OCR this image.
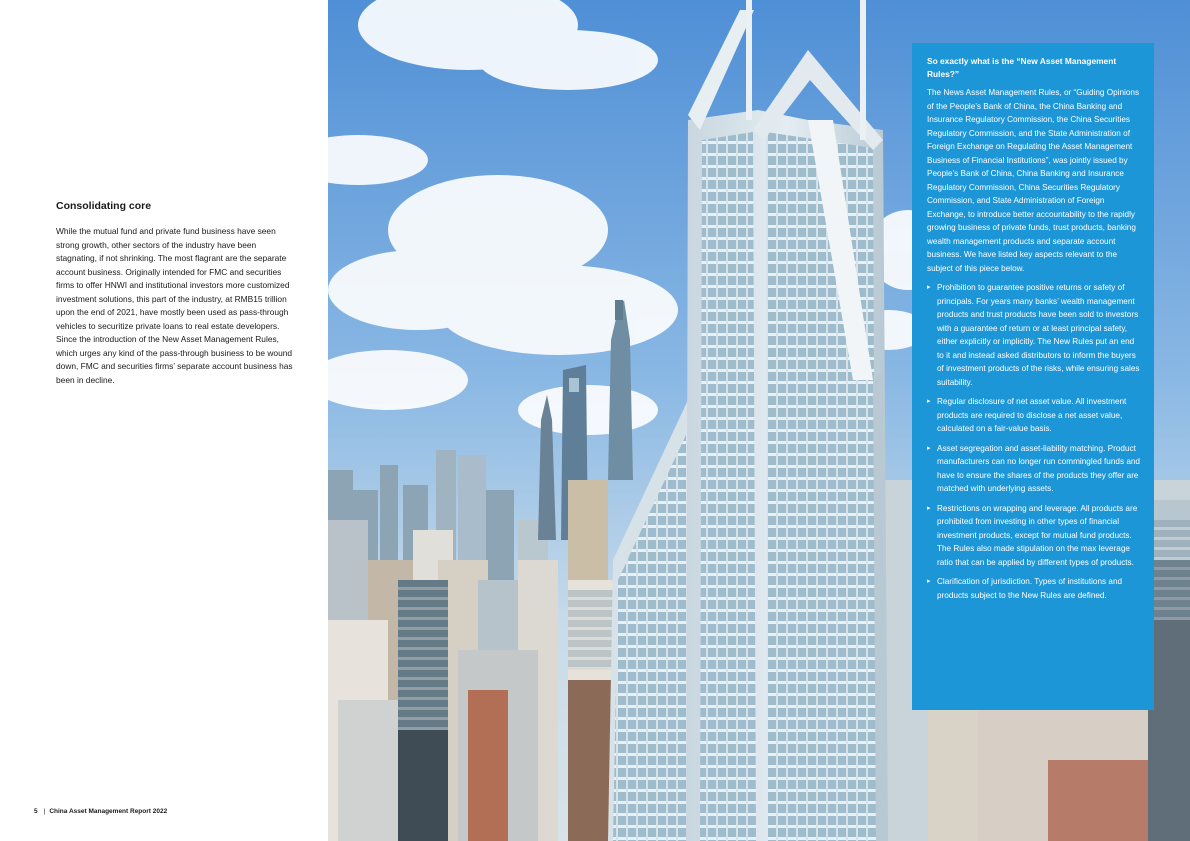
Consolidating core

While the mutual fund and private fund business have seen strong growth, other sectors of the industry have been stagnating, if not shrinking. The most flagrant are the separate account business. Originally intended for FMC and securities firms to offer HNWI and institutional investors more customized investment solutions, this part of the industry, at RMB15 trillion upon the end of 2021, have mostly been used as pass-through vehicles to securitize private loans to real estate developers. Since the introduction of the New Asset Management Rules, which urges any kind of the pass-through business to be wound down, FMC and securities firms’ separate account business has been in decline.

5 | China Asset Management Report 2022
So exactly what is the “New Asset Management Rules?”
The News Asset Management Rules, or “Guiding Opinions of the People’s Bank of China, the China Banking and Insurance Regulatory Commission, the China Securities Regulatory Commission, and the State Administration of Foreign Exchange on Regulating the Asset Management Business of Financial Institutions”, was jointly issued by People’s Bank of China, China Banking and Insurance Regulatory Commission, China Securities Regulatory Commission, and State Administration of Foreign Exchange, to introduce better accountability to the rapidly growing business of private funds, trust products, banking wealth management products and separate account business. We have listed key aspects relevant to the subject of this piece below.
▸ Prohibition to guarantee positive returns or safety of principals. For years many banks’ wealth management products and trust products have been sold to investors with a guarantee of return or at least principal safety, either explicitly or implicitly. The New Rules put an end to it and instead asked distributors to inform the buyers of investment products of the risks, while ensuring sales suitability.
▸ Regular disclosure of net asset value. All investment products are required to disclose a net asset value, calculated on a fair-value basis.
▸ Asset segregation and asset-liability matching. Product manufacturers can no longer run commingled funds and have to ensure the shares of the products they offer are matched with underlying assets.
▸ Restrictions on wrapping and leverage. All products are prohibited from investing in other types of financial investment products, except for mutual fund products. The Rules also made stipulation on the max leverage ratio that can be applied by different types of products.
▸ Clarification of jurisdiction. Types of institutions and products subject to the New Rules are defined.
